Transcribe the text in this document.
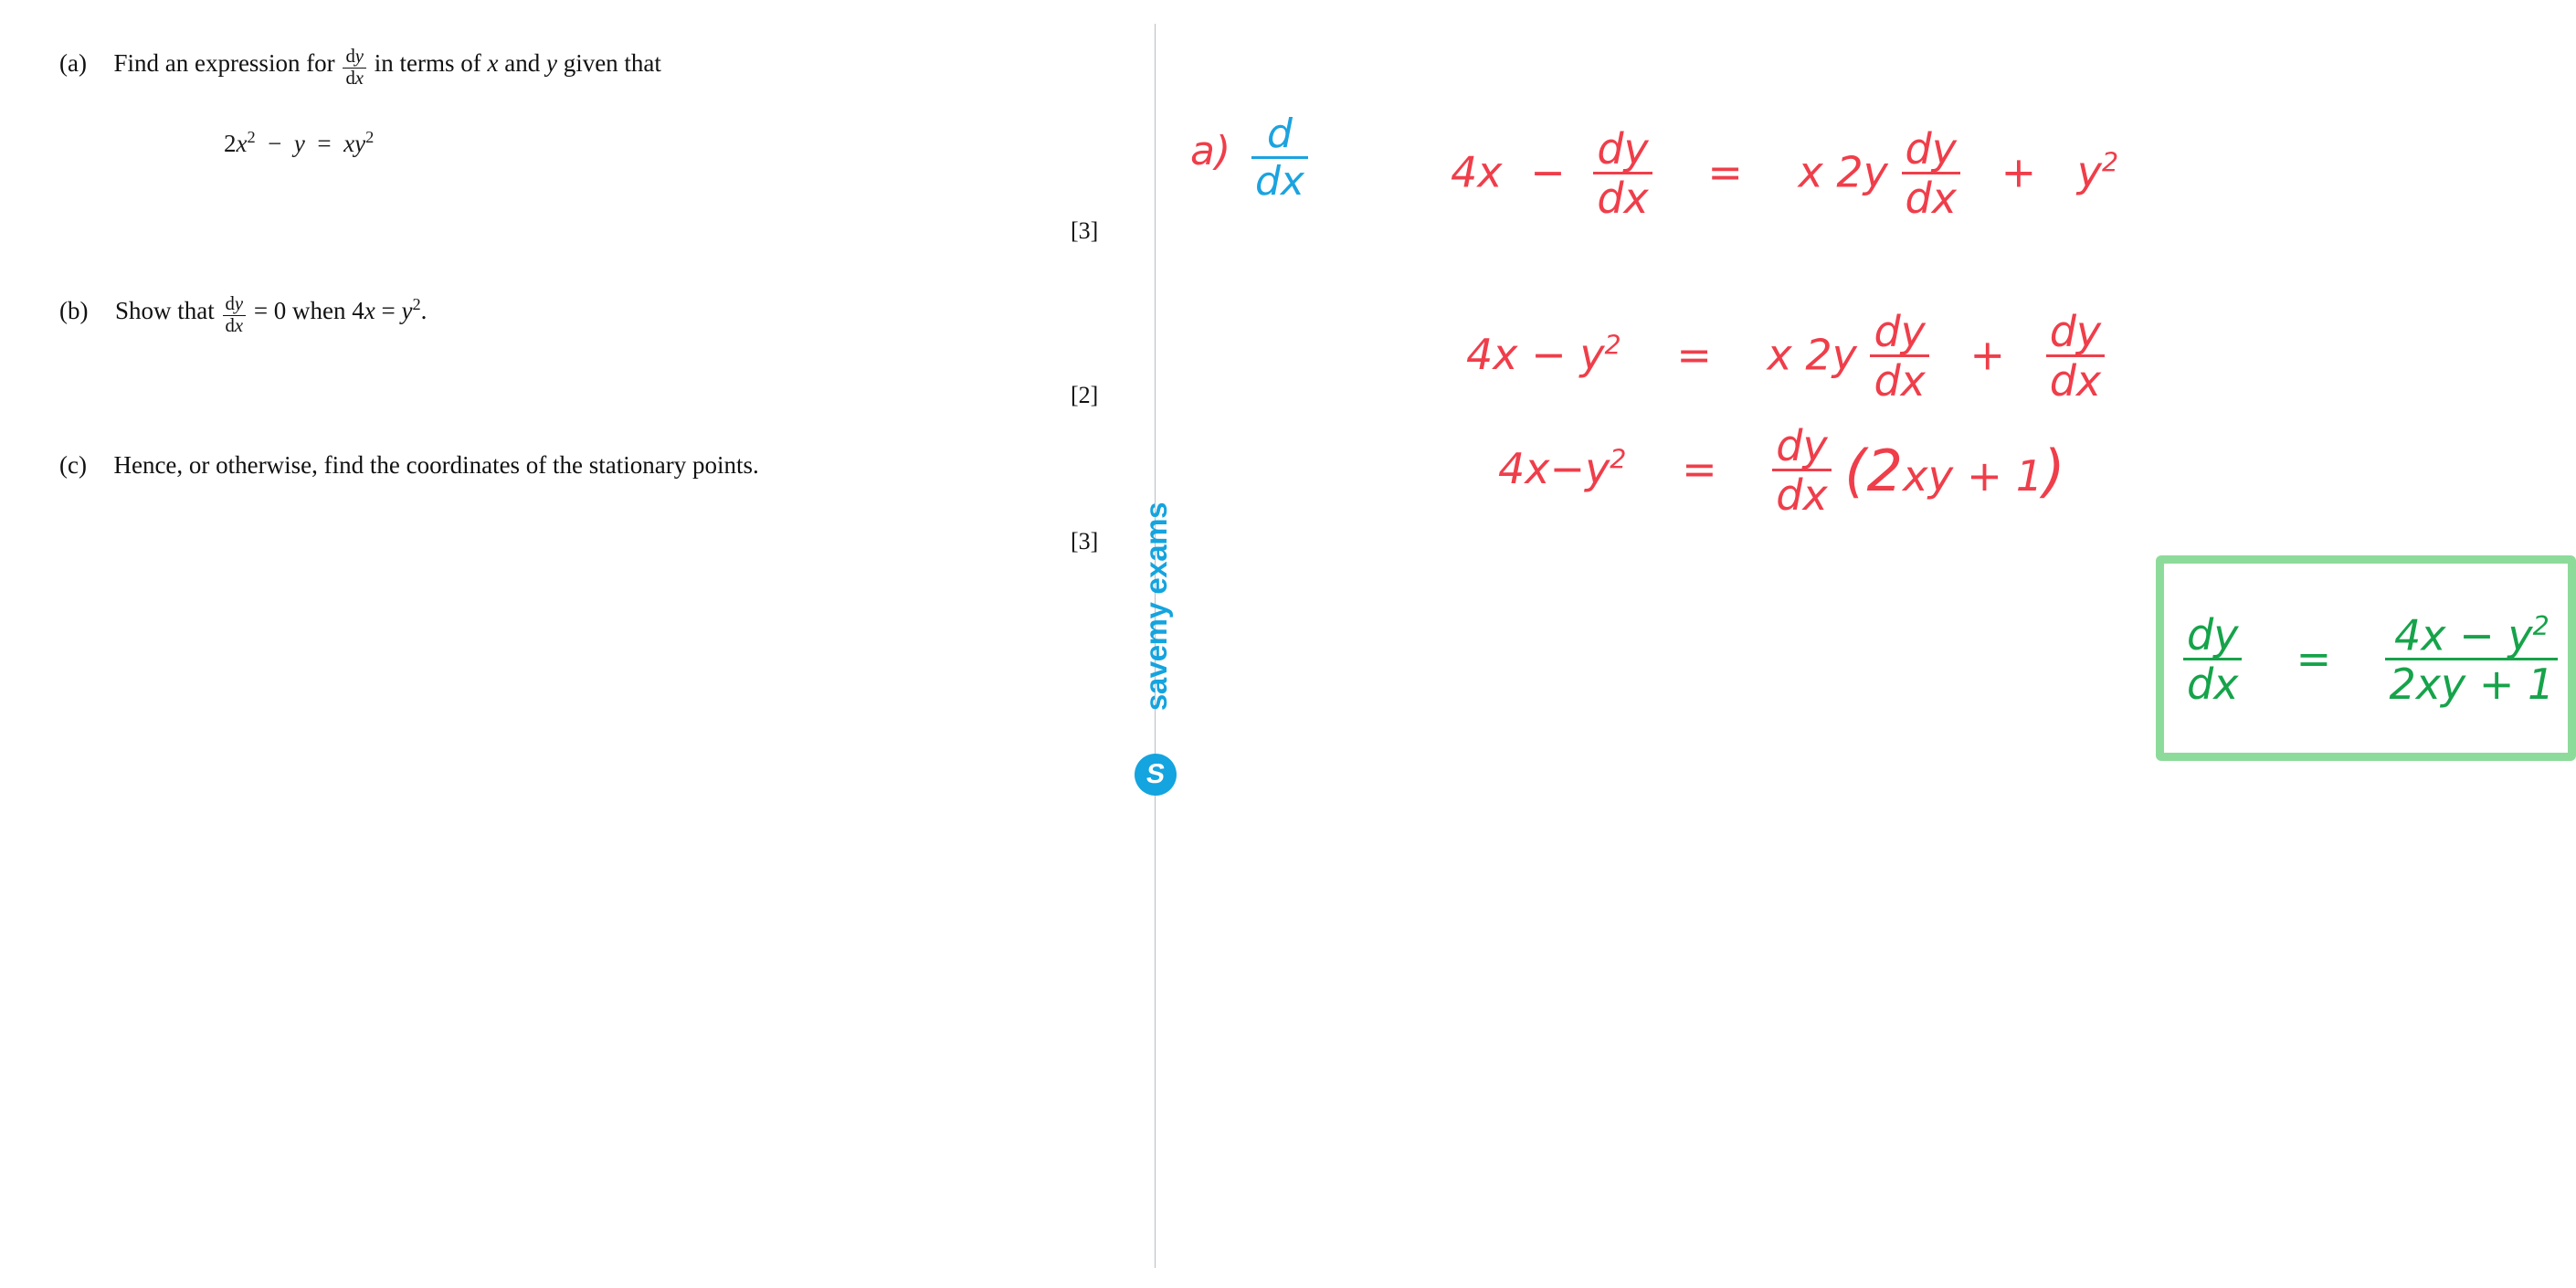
(a) Find an expression for $\frac{dy}{dx}$ in terms of x and y given that
$2x^2 - y = xy^2$
[3]
(b) Show that $\frac{dy}{dx} = 0$ when $4x = y^2$.
[2]
(c) Hence, or otherwise, find the coordinates of the stationary points.
[3]
savemy exams
S
$a) \frac{d}{dx}$	$4x - \frac{dy}{dx} = x$ $2y \frac{dy}{dx} + y^2$
$4x - y^2 = x$ $2y \frac{dy}{dx} + \frac{dy}{dx}$
$4x-y^2 = \frac{dy}{dx} (2xy + 1)$
$\frac{dy}{dx} = \frac{4x - y^2}{2xy + 1}$
